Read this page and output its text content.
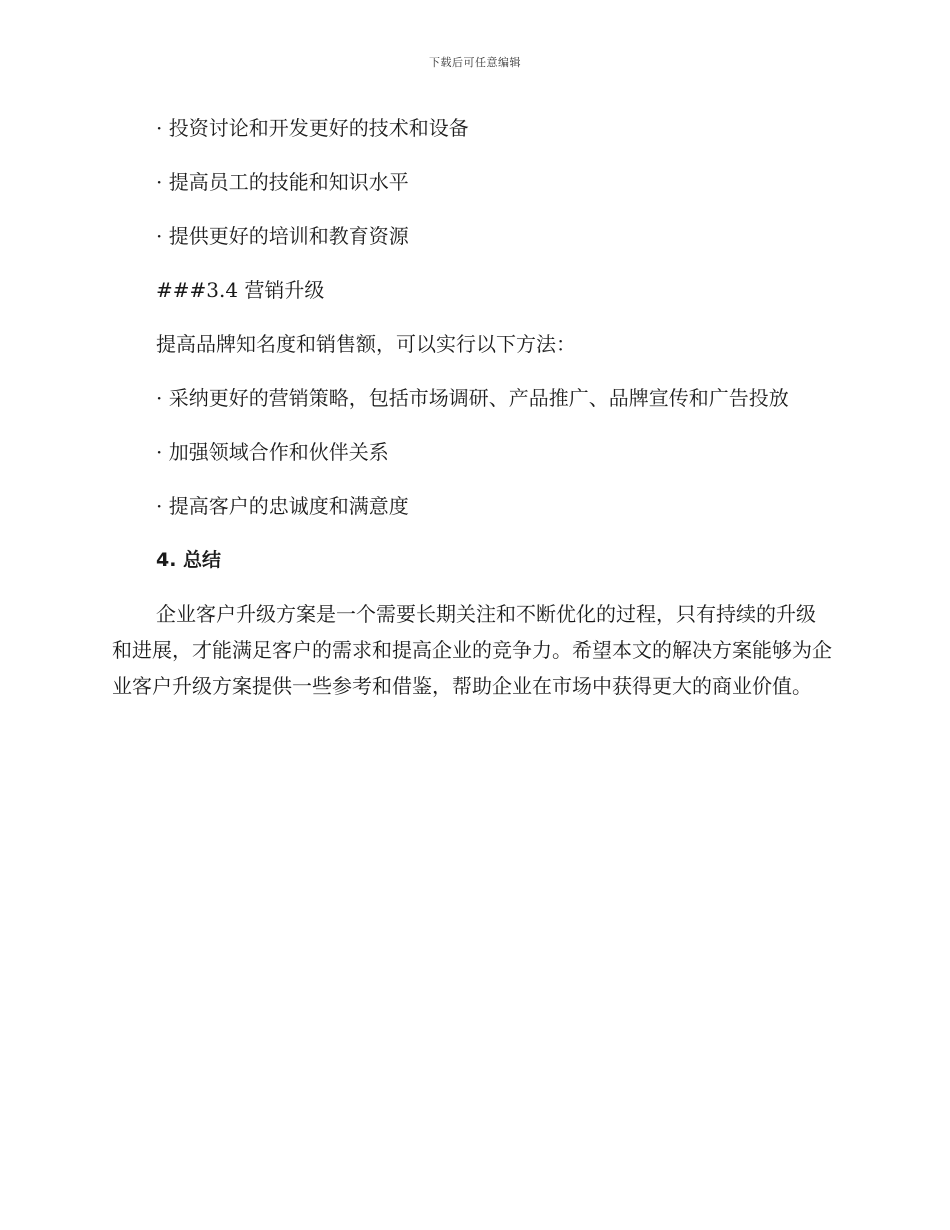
下载后可任意编辑

· 投资讨论和开发更好的技术和设备

· 提高员工的技能和知识水平

· 提供更好的培训和教育资源

###3.4 营销升级

提高品牌知名度和销售额，可以实行以下方法：

· 采纳更好的营销策略，包括市场调研、产品推广、品牌宣传和广告投放

· 加强领域合作和伙伴关系

· 提高客户的忠诚度和满意度

4. 总结

企业客户升级方案是一个需要长期关注和不断优化的过程，只有持续的升级和进展，才能满足客户的需求和提高企业的竞争力。希望本文的解决方案能够为企业客户升级方案提供一些参考和借鉴，帮助企业在市场中获得更大的商业价值。
